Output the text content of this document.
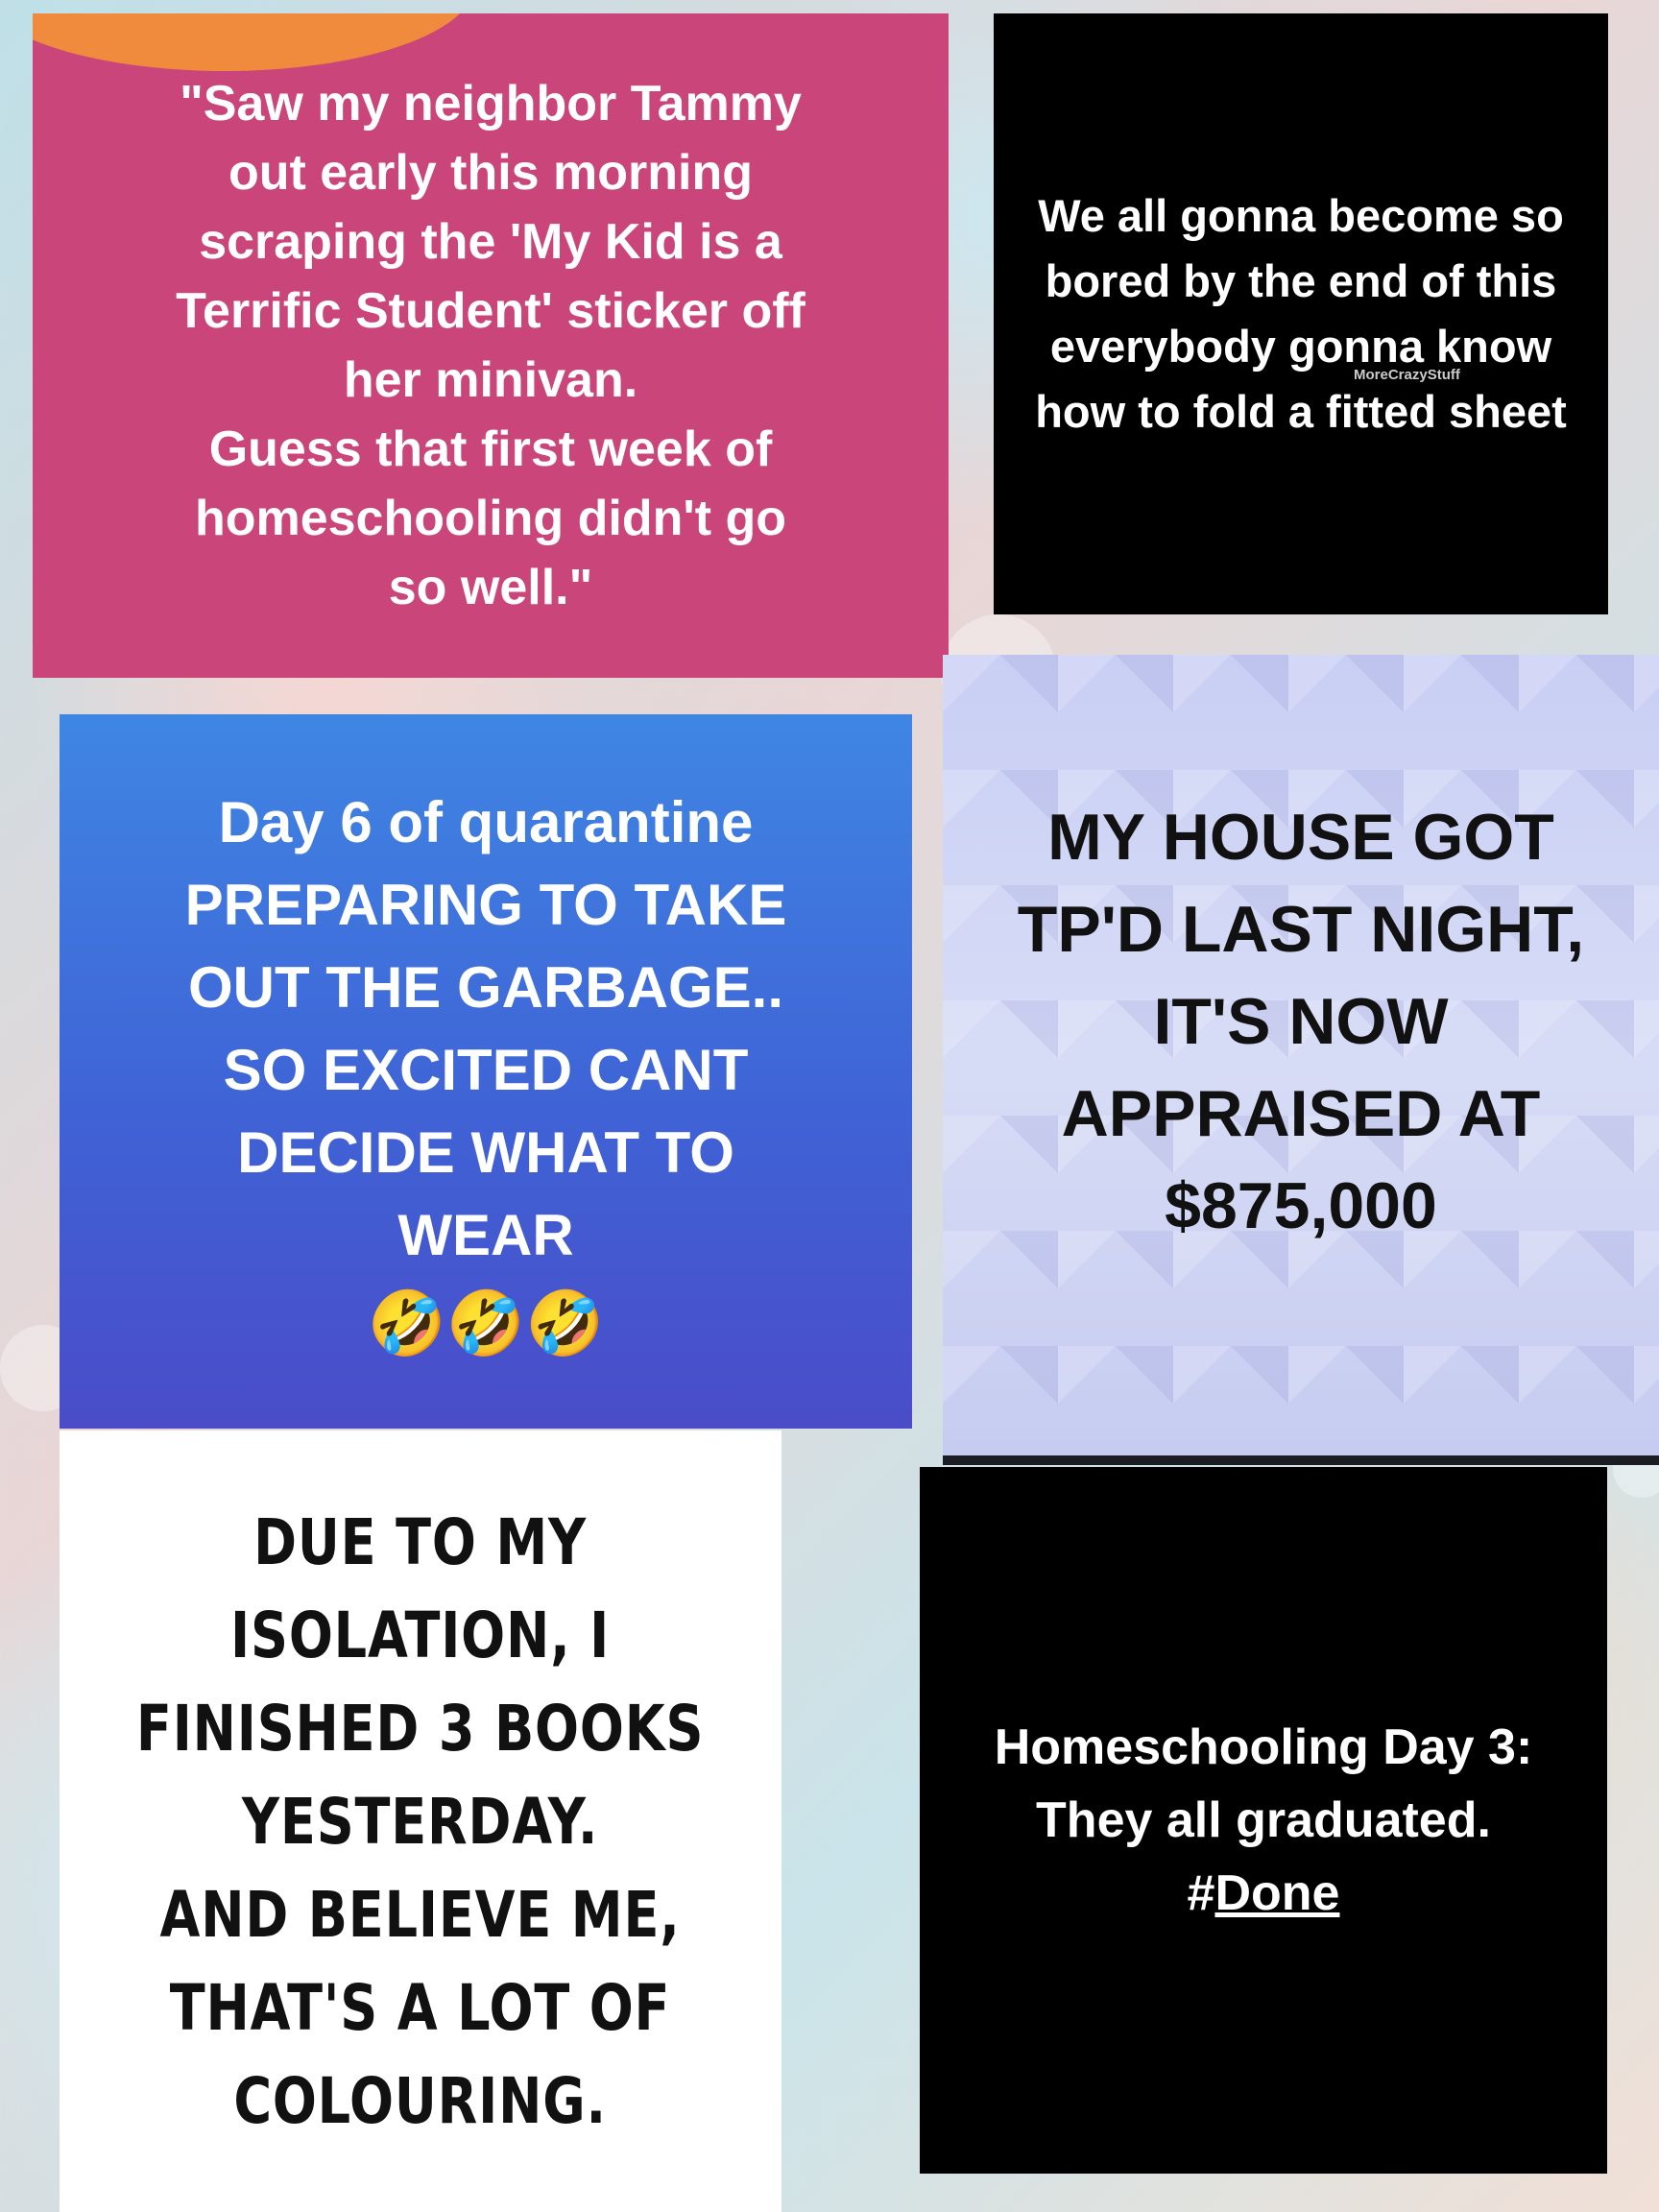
"Saw my neighbor Tammy
out early this morning
scraping the 'My Kid is a
Terrific Student' sticker off
her minivan.
Guess that first week of
homeschooling didn't go
so well."

We all gonna become so
bored by the end of this
everybody gonna know
how to fold a fitted sheet

MoreCrazyStuff

Day 6 of quarantine
PREPARING TO TAKE
OUT THE GARBAGE..
SO EXCITED CANT
DECIDE WHAT TO
WEAR

🤣🤣🤣

MY HOUSE GOT
TP'D LAST NIGHT,
IT'S NOW
APPRAISED AT
$875,000

DUE TO MY
ISOLATION, I
FINISHED 3 BOOKS
YESTERDAY.
AND BELIEVE ME,
THAT'S A LOT OF
COLOURING.

Homeschooling Day 3:
They all graduated.
#Done
